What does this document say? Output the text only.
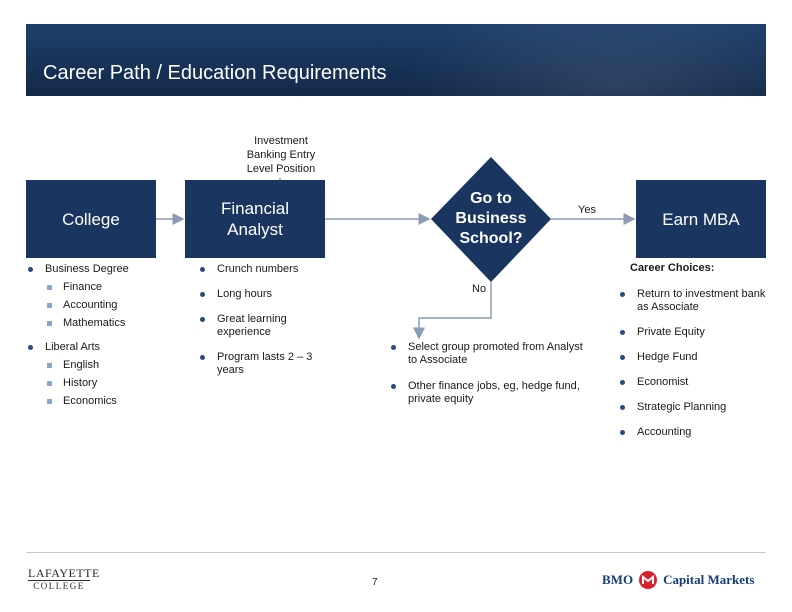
Career Path / Education Requirements
Investment
Banking Entry
Level Position
College
Financial
Analyst
Earn MBA
Go to
Business
School?
Yes
No
Business Degree
Finance
Accounting
Mathematics
Liberal Arts
English
History
Economics
Crunch numbers
Long hours
Great learning experience
Program lasts 2 – 3 years
Select group promoted from Analyst to Associate
Other finance jobs, eg, hedge fund, private equity
Career Choices:
Return to investment bank as Associate
Private Equity
Hedge Fund
Economist
Strategic Planning
Accounting
LAFAYETTE
COLLEGE	7	BMO Capital Markets
